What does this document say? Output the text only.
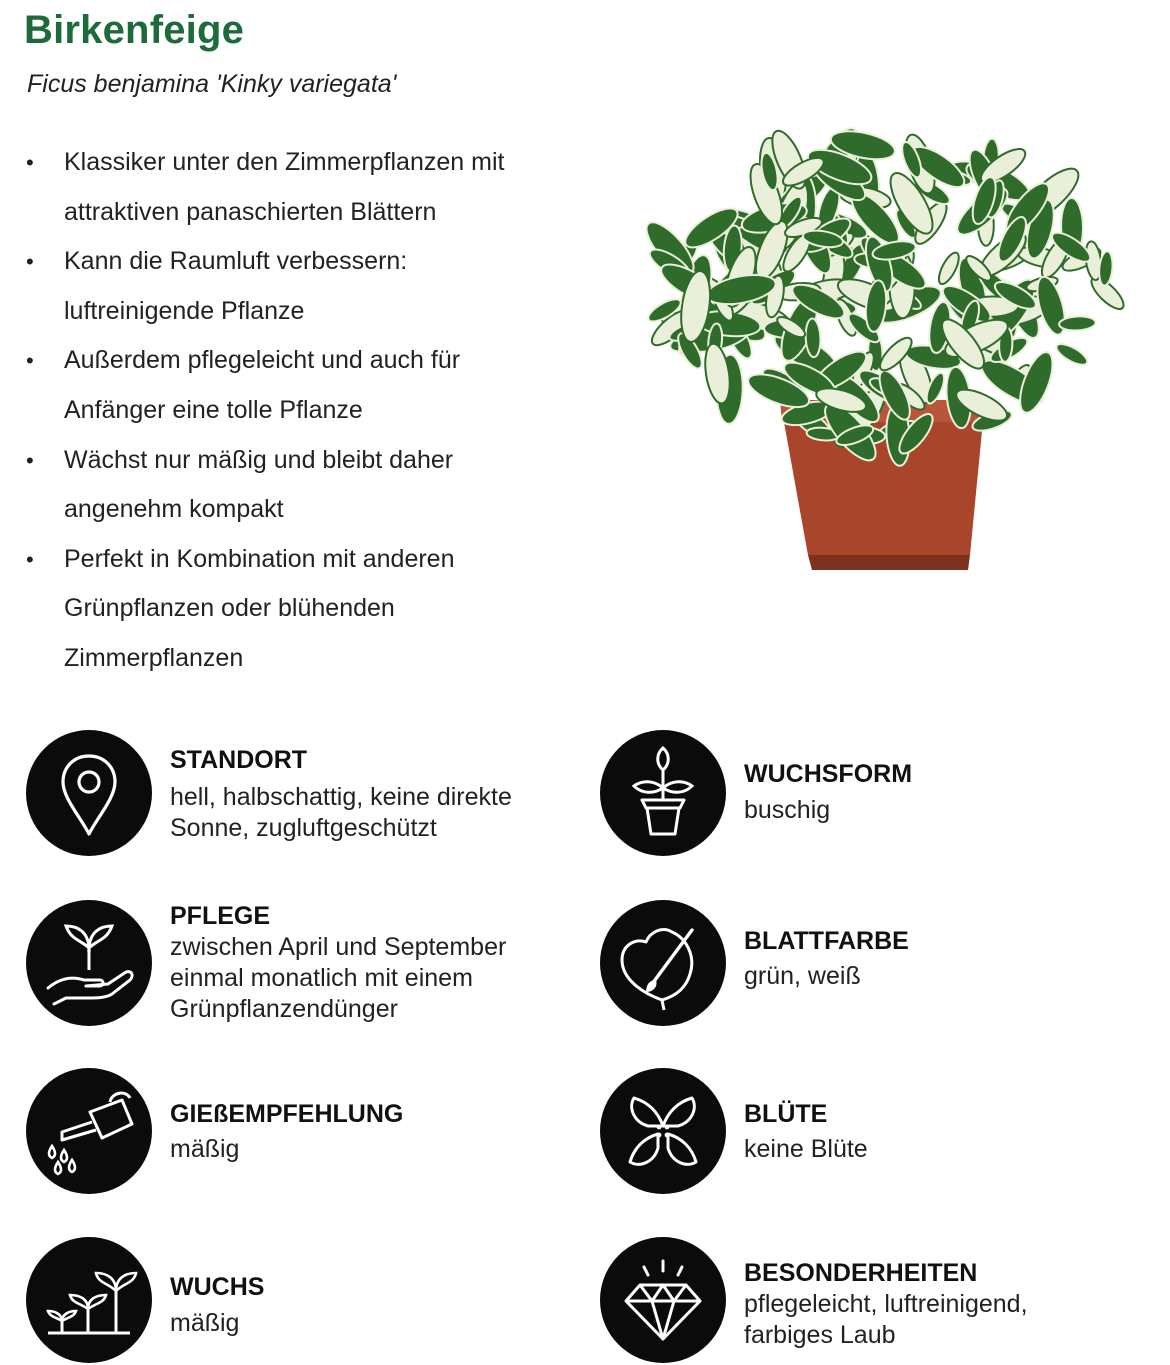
Birkenfeige
Ficus benjamina 'Kinky variegata'
• Klassiker unter den Zimmerpflanzen mit
attraktiven panaschierten Blättern
• Kann die Raumluft verbessern:
luftreinigende Pflanze
• Außerdem pflegeleicht und auch für
Anfänger eine tolle Pflanze
• Wächst nur mäßig und bleibt daher
angenehm kompakt
• Perfekt in Kombination mit anderen
Grünpflanzen oder blühenden
Zimmerpflanzen
STANDORT
hell, halbschattig, keine direkte
Sonne, zugluftgeschützt
WUCHSFORM
buschig
PFLEGE
zwischen April und September
einmal monatlich mit einem
Grünpflanzendünger
BLATTFARBE
grün, weiß
GIEßEMPFEHLUNG
mäßig
BLÜTE
keine Blüte
WUCHS
mäßig
BESONDERHEITEN
pflegeleicht, luftreinigend,
farbiges Laub
